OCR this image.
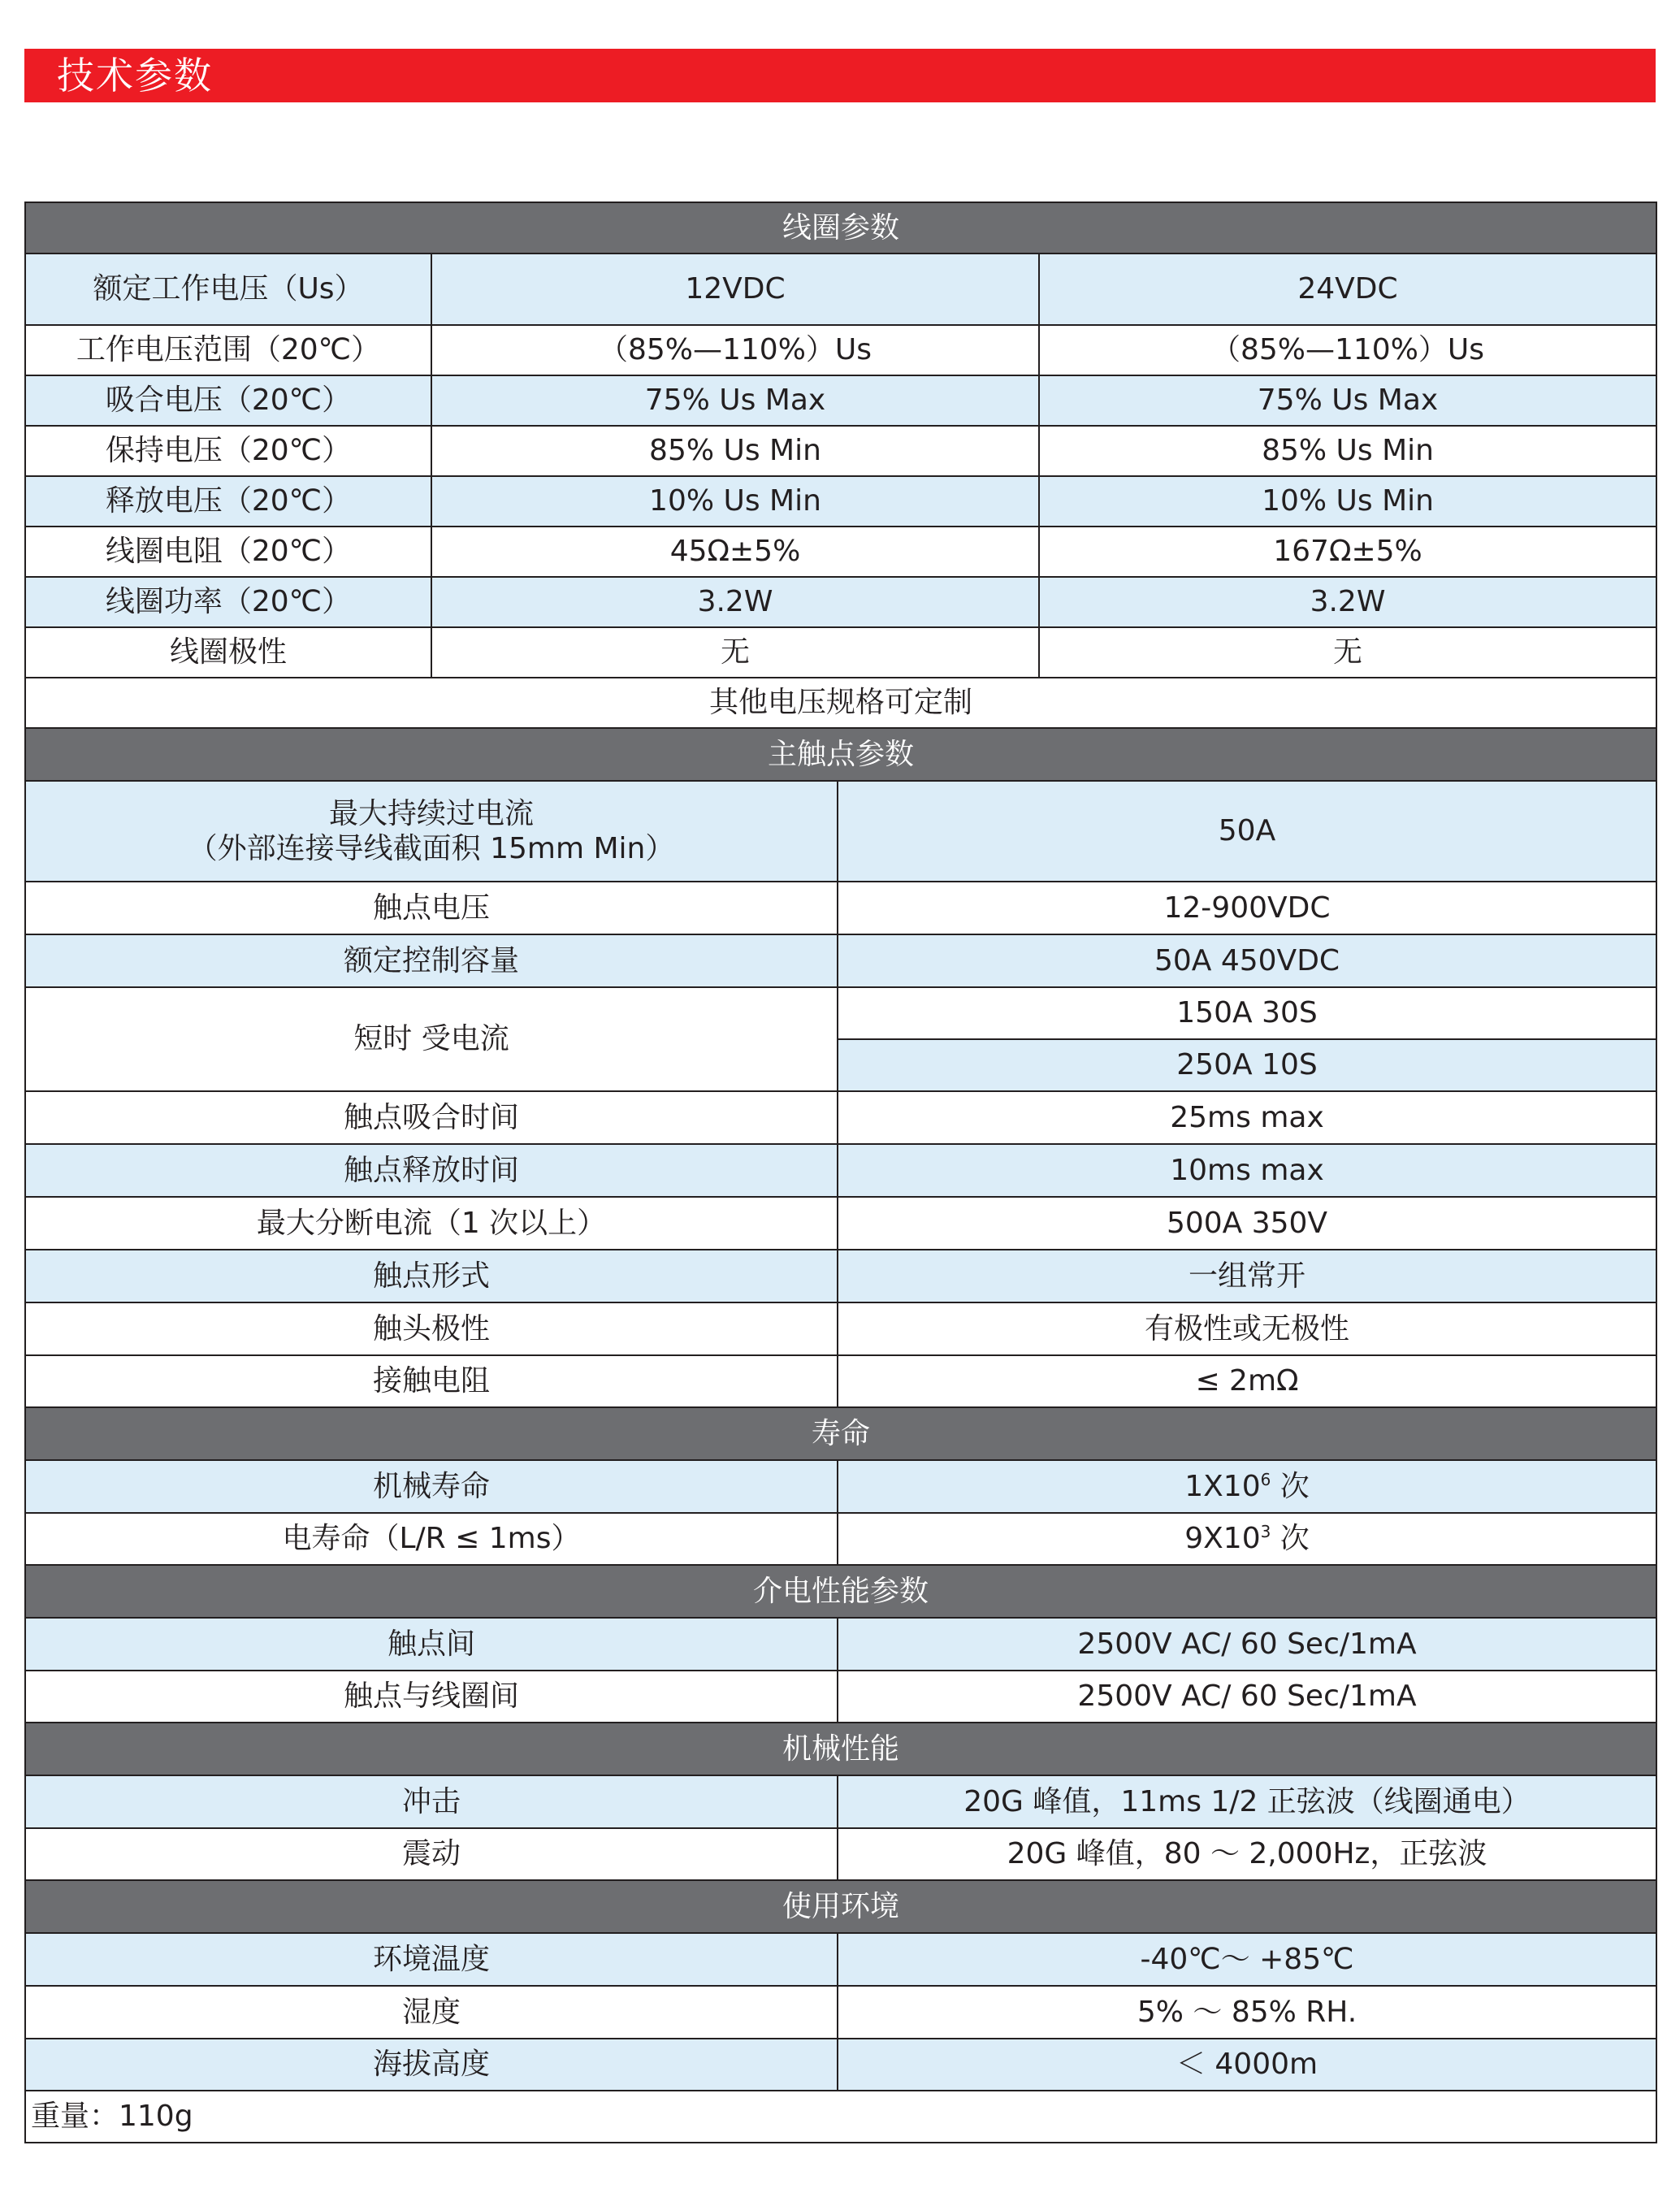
技术参数
线圈参数			
额定工作电压（Us）	12VDC		24VDC
工作电压范围（20℃）	（85%—110%）Us		（85%—110%）Us
吸合电压（20℃）	75% Us Max		75% Us Max
保持电压（20℃）	85% Us Min		85% Us Min
释放电压（20℃）	10% Us Min		10% Us Min
线圈电阻（20℃）	45Ω±5%		167Ω±5%
线圈功率（20℃）	3.2W		3.2W
线圈极性	无		无
其他电压规格可定制			
主触点参数			

最大持续过电流
（外部连接导线截面积 15mm Min）		50A	
触点电压		12-900VDC	
额定控制容量		50A 450VDC	
短时 受电流		150A 30S	
		250A 10S	
触点吸合时间		25ms max	
触点释放时间		10ms max	
最大分断电流（1 次以上）		500A 350V	
触点形式		一组常开	
触头极性		有极性或无极性	
接触电阻		≤ 2mΩ	
寿命			
机械寿命		$1X10^6$ 次	
电寿命（L/R ≤ 1ms）		$9X10^3$ 次	
介电性能参数			
触点间		2500V AC/ 60 Sec/1mA	
触点与线圈间		2500V AC/ 60 Sec/1mA	
机械性能			
冲击		20G 峰值，11ms 1/2 正弦波（线圈通电）	
震动		20G 峰值，80 ～ 2,000Hz，正弦波	
使用环境			
环境温度		-40℃～ +85℃	
湿度		5% ～ 85% RH.	
海拔高度		＜ 4000m	
重量：110g			
